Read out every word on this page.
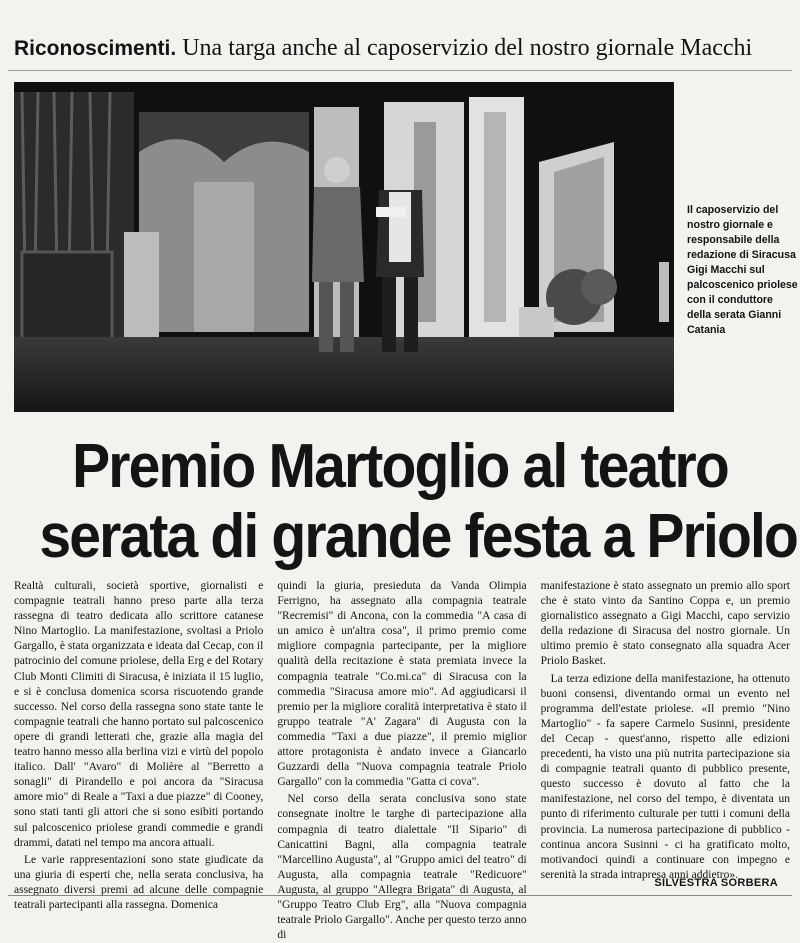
Riconoscimenti. Una targa anche al caposervizio del nostro giornale Macchi
Il caposervizio del nostro giornale e responsabile della redazione di Siracusa Gigi Macchi sul palcoscenico priolese con il conduttore della serata Gianni Catania
Premio Martoglio al teatro
serata di grande festa a Priolo

Realtà culturali, società sportive, giornalisti e compagnie teatrali hanno preso parte alla terza rassegna di teatro dedicata allo scrittore catanese Nino Martoglio. La manifestazione, svoltasi a Priolo Gargallo, è stata organizzata e ideata dal Cecap, con il patrocinio del comune priolese, della Erg e del Rotary Club Monti Climiti di Siracusa, è iniziata il 15 luglio, e si è conclusa domenica scorsa riscuotendo grande successo. Nel corso della rassegna sono state tante le compagnie teatrali che hanno portato sul palcoscenico opere di grandi letterati che, grazie alla magia del teatro hanno messo alla berlina vizi e virtù del popolo italico. Dall' "Avaro" di Molière al "Berretto a sonagli" di Pirandello e poi ancora da "Siracusa amore mio" di Reale a "Taxi a due piazze" di Cooney, sono stati tanti gli attori che si sono esibiti portando sul palcoscenico priolese grandi commedie e grandi drammi, datati nel tempo ma ancora attuali.

Le varie rappresentazioni sono state giudicate da una giuria di esperti che, nella serata conclusiva, ha assegnato diversi premi ad alcune delle compagnie teatrali partecipanti alla rassegna. Domenica

quindi la giuria, presieduta da Vanda Olimpia Ferrigno, ha assegnato alla compagnia teatrale "Recremisi" di Ancona, con la commedia "A casa di un amico è un'altra cosa", il primo premio come migliore compagnia partecipante, per la migliore qualità della recitazione è stata premiata invece la compagnia teatrale "Co.mi.ca" di Siracusa con la commedia "Siracusa amore mio". Ad aggiudicarsi il premio per la migliore coralità interpretativa è stato il gruppo teatrale "A' Zagara" di Augusta con la commedia "Taxi a due piazze", il premio miglior attore protagonista è andato invece a Giancarlo Guzzardi della "Nuova compagnia teatrale Priolo Gargallo" con la commedia "Gatta ci cova".

Nel corso della serata conclusiva sono state consegnate inoltre le targhe di partecipazione alla compagnia di teatro dialettale "Il Sipario" di Canicattini Bagni, alla compagnia teatrale "Marcellino Augusta", al "Gruppo amici del teatro" di Augusta, alla compagnia teatrale "Redicuore" Augusta, al gruppo "Allegra Brigata" di Augusta, al "Gruppo Teatro Club Erg", alla "Nuova compagnia teatrale Priolo Gargallo". Anche per questo terzo anno di

manifestazione è stato assegnato un premio allo sport che è stato vinto da Santino Coppa e, un premio giornalistico assegnato a Gigi Macchi, capo servizio della redazione di Siracusa del nostro giornale. Un ultimo premio è stato consegnato alla squadra Acer Priolo Basket.

La terza edizione della manifestazione, ha ottenuto buoni consensi, diventando ormai un evento nel programma dell'estate priolese. «Il premio "Nino Martoglio" - fa sapere Carmelo Susinni, presidente del Cecap - quest'anno, rispetto alle edizioni precedenti, ha visto una più nutrita partecipazione sia di compagnie teatrali quanto di pubblico presente, questo successo è dovuto al fatto che la manifestazione, nel corso del tempo, è diventata un punto di riferimento culturale per tutti i comuni della provincia. La numerosa partecipazione di pubblico - continua ancora Susinni - ci ha gratificato molto, motivandoci quindi a continuare con impegno e serenità la strada intrapresa anni addietro».

SILVESTRA SORBERA
